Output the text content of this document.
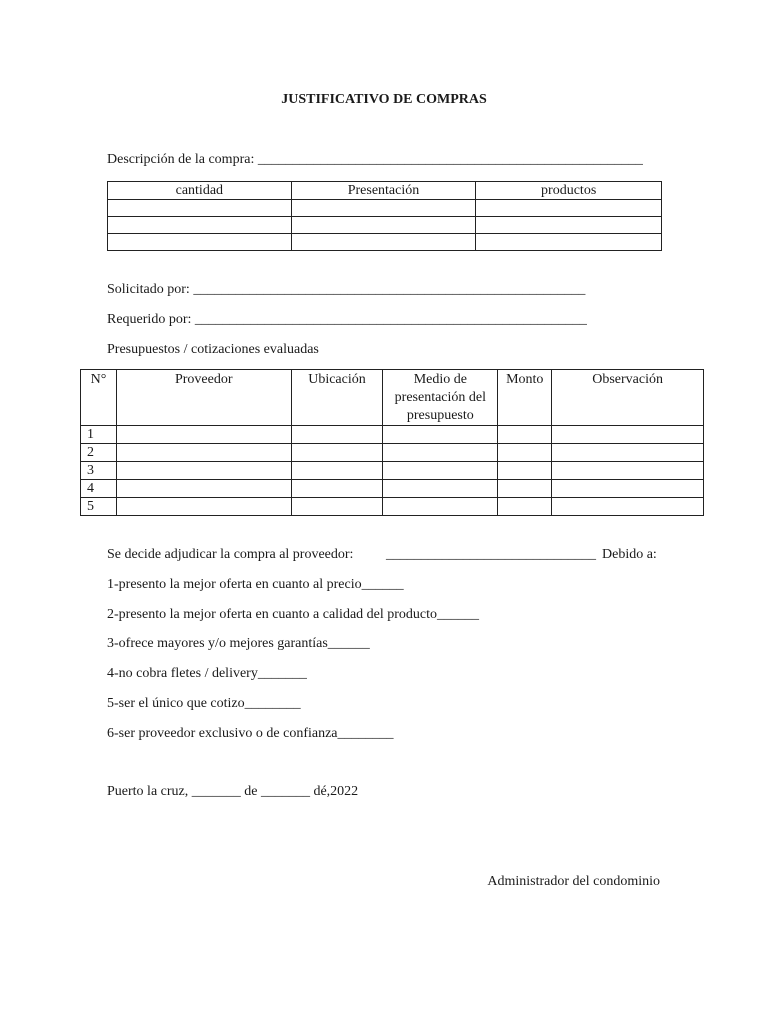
JUSTIFICATIVO DE COMPRAS
Descripción de la compra: _______________________________________________________
cantidad	Presentación	productos

Solicitado por: ________________________________________________________
Requerido por: ________________________________________________________
Presupuestos / cotizaciones evaluadas
N°	Proveedor	Ubicación	Medio de presentación del presupuesto	Monto	Observación
1					
2					
3					
4					
5					
Se decide adjudicar la compra al proveedor: ______________________________ Debido a:
1-presento la mejor oferta en cuanto al precio______
2-presento la mejor oferta en cuanto a calidad del producto______
3-ofrece mayores y/o mejores garantías______
4-no cobra fletes / delivery_______
5-ser el único que cotizo________
6-ser proveedor exclusivo o de confianza________
Puerto la cruz, _______ de _______ dé,2022
Administrador del condominio
